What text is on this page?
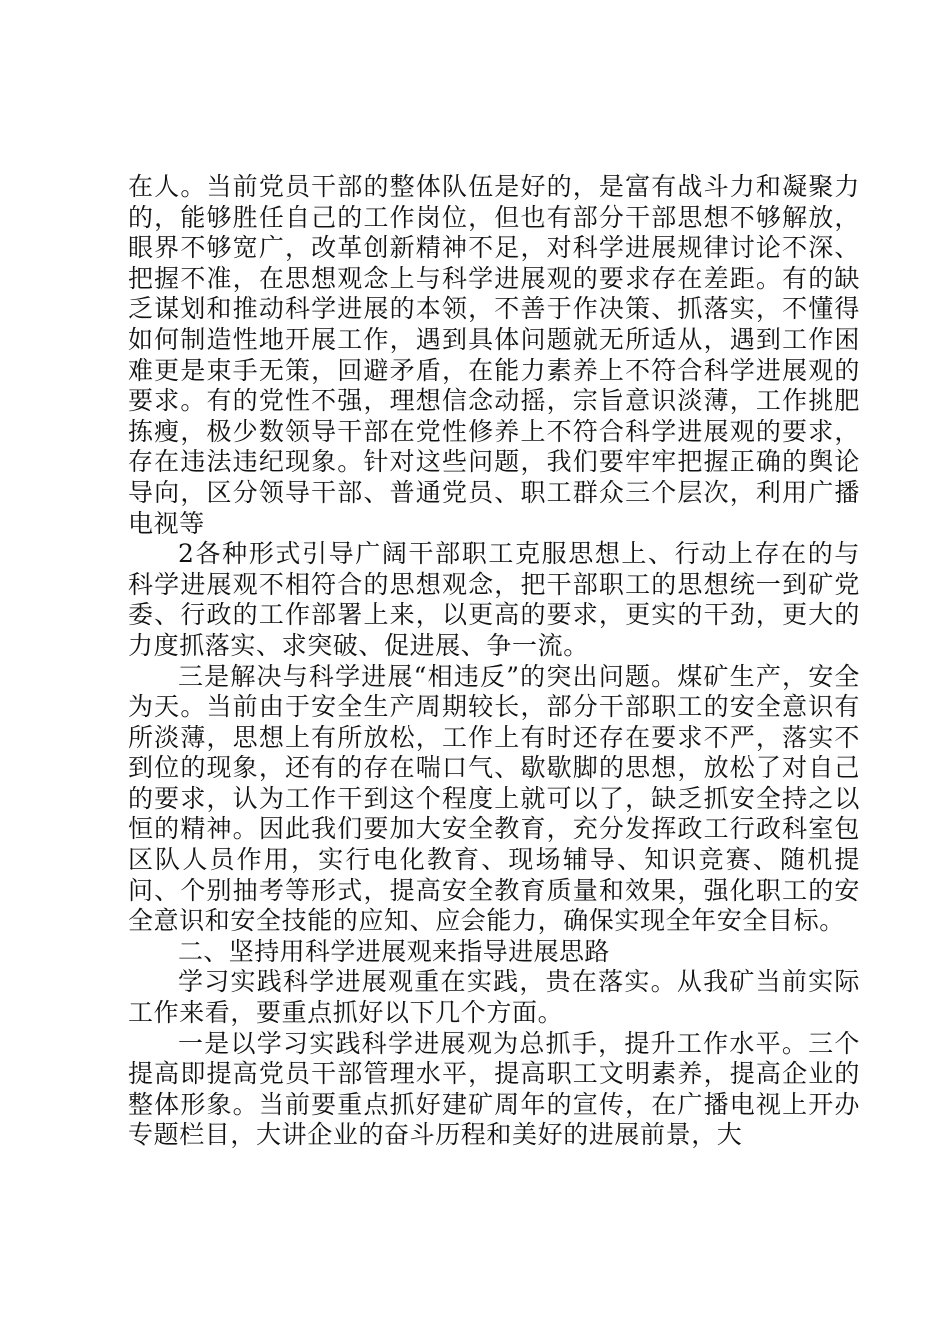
在人。当前党员干部的整体队伍是好的，是富有战斗力和凝聚力的，能够胜任自己的工作岗位，但也有部分干部思想不够解放，眼界不够宽广，改革创新精神不足，对科学进展规律讨论不深、把握不准，在思想观念上与科学进展观的要求存在差距。有的缺乏谋划和推动科学进展的本领，不善于作决策、抓落实，不懂得如何制造性地开展工作，遇到具体问题就无所适从，遇到工作困难更是束手无策，回避矛盾，在能力素养上不符合科学进展观的要求。有的党性不强，理想信念动摇，宗旨意识淡薄，工作挑肥拣瘦，极少数领导干部在党性修养上不符合科学进展观的要求，存在违法违纪现象。针对这些问题，我们要牢牢把握正确的舆论导向，区分领导干部、普通党员、职工群众三个层次，利用广播电视等

2各种形式引导广阔干部职工克服思想上、行动上存在的与科学进展观不相符合的思想观念，把干部职工的思想统一到矿党委、行政的工作部署上来，以更高的要求，更实的干劲，更大的力度抓落实、求突破、促进展、争一流。

三是解决与科学进展“相违反”的突出问题。煤矿生产，安全为天。当前由于安全生产周期较长，部分干部职工的安全意识有所淡薄，思想上有所放松，工作上有时还存在要求不严，落实不到位的现象，还有的存在喘口气、歇歇脚的思想，放松了对自己的要求，认为工作干到这个程度上就可以了，缺乏抓安全持之以恒的精神。因此我们要加大安全教育，充分发挥政工行政科室包区队人员作用，实行电化教育、现场辅导、知识竞赛、随机提问、个别抽考等形式，提高安全教育质量和效果，强化职工的安全意识和安全技能的应知、应会能力，确保实现全年安全目标。

二、坚持用科学进展观来指导进展思路

学习实践科学进展观重在实践，贵在落实。从我矿当前实际工作来看，要重点抓好以下几个方面。

一是以学习实践科学进展观为总抓手，提升工作水平。三个提高即提高党员干部管理水平，提高职工文明素养，提高企业的整体形象。当前要重点抓好建矿周年的宣传，在广播电视上开办专题栏目，大讲企业的奋斗历程和美好的进展前景，大
